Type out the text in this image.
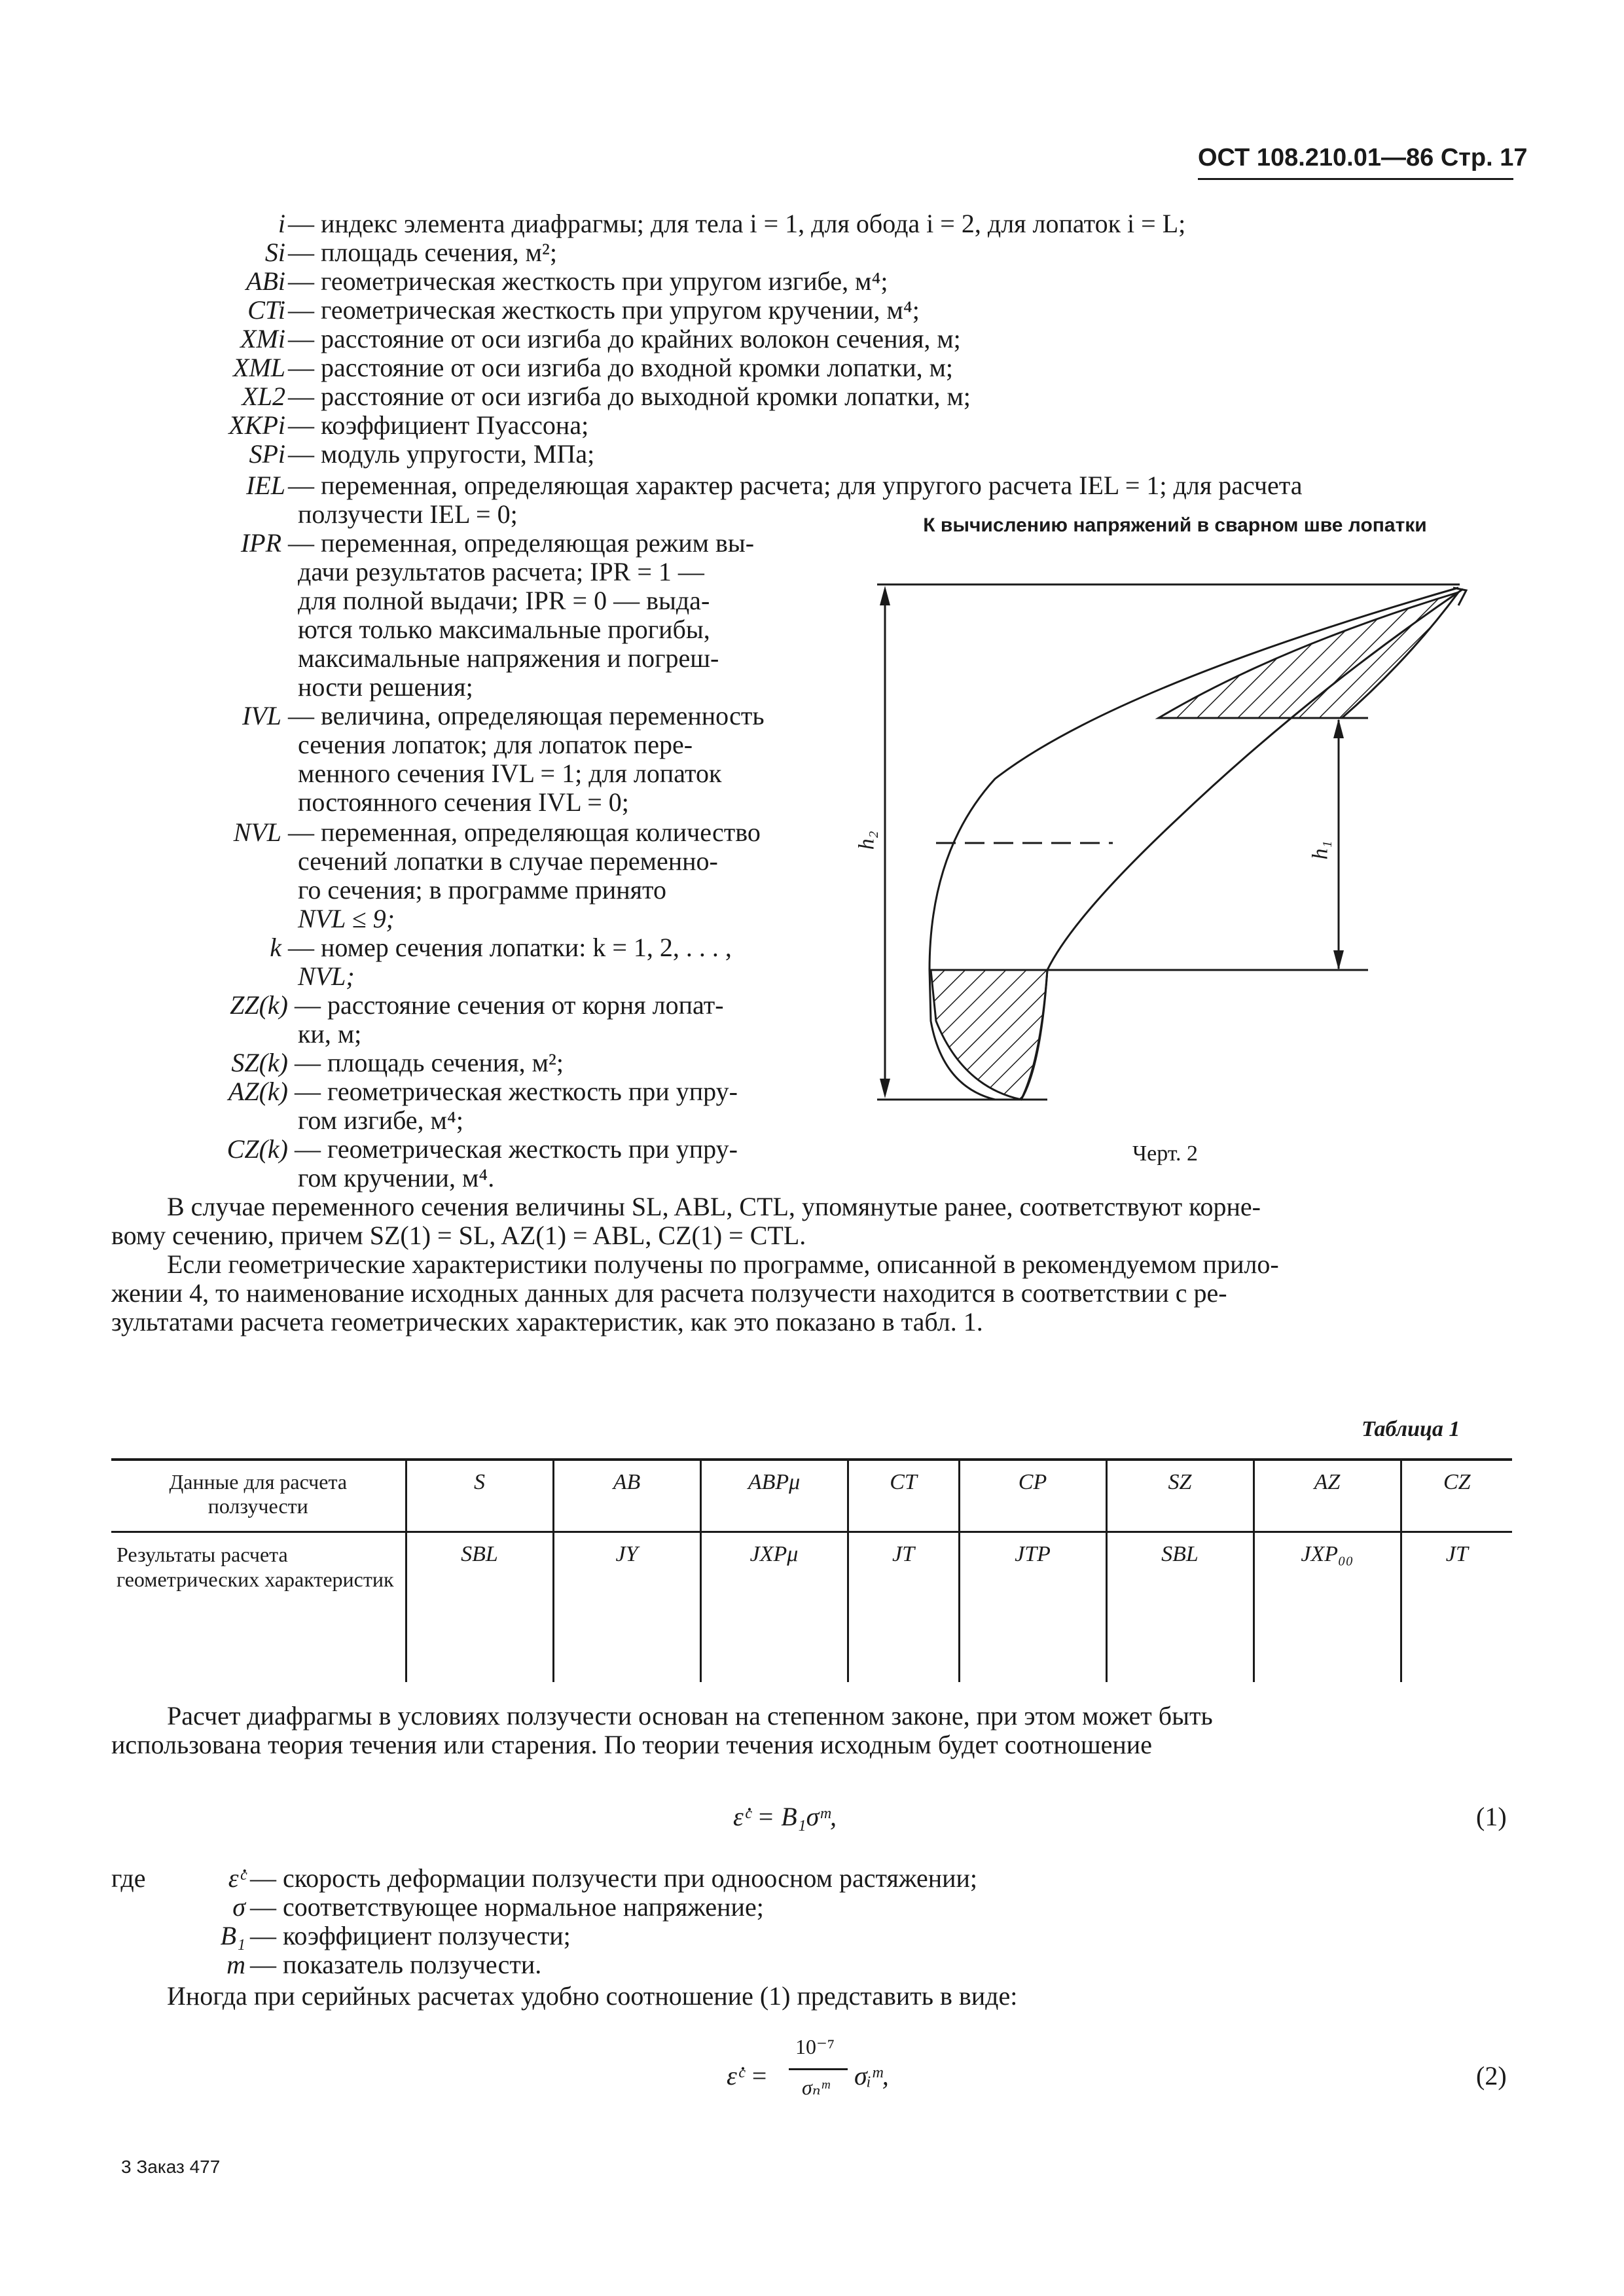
ОСТ 108.210.01—86 Стр. 17
i — индекс элемента диафрагмы; для тела i = 1, для обода i = 2, для лопаток i = L;
Si — площадь сечения, м²;
ABi — геометрическая жесткость при упругом изгибе, м⁴;
CTi — геометрическая жесткость при упругом кручении, м⁴;
XMi — расстояние от оси изгиба до крайних волокон сечения, м;
XML — расстояние от оси изгиба до входной кромки лопатки, м;
XL2 — расстояние от оси изгиба до выходной кромки лопатки, м;
XKPi — коэффициент Пуассона;
SPi — модуль упругости, МПа;
IEL — переменная, определяющая характер расчета; для упругого расчета IEL = 1; для расчета
ползучести IEL = 0;
IPR — переменная, определяющая режим вы-
дачи результатов расчета; IPR = 1 —
для полной выдачи; IPR = 0 — выда-
ются только максимальные прогибы,
максимальные напряжения и погреш-
ности решения;
IVL — величина, определяющая переменность
сечения лопаток; для лопаток пере-
менного сечения IVL = 1; для лопаток
постоянного сечения IVL = 0;
NVL — переменная, определяющая количество
сечений лопатки в случае переменно-
го сечения; в программе принято
NVL ≤ 9;
k — номер сечения лопатки: k = 1, 2, . . . ,
NVL;
ZZ(k) — расстояние сечения от корня лопат-
ки, м;
SZ(k) — площадь сечения, м²;
AZ(k) — геометрическая жесткость при упру-
гом изгибе, м⁴;
CZ(k) — геометрическая жесткость при упру-
гом кручении, м⁴.
К вычислению напряжений в сварном шве лопатки
h₂
h₁
Черт. 2
В случае переменного сечения величины SL, ABL, CTL, упомянутые ранее, соответствуют корне-
вому сечению, причем SZ(1) = SL, AZ(1) = ABL, CZ(1) = CTL.
Если геометрические характеристики получены по программе, описанной в рекомендуемом прило-
жении 4, то наименование исходных данных для расчета ползучести находится в соответствии с ре-
зультатами расчета геометрических характеристик, как это показано в табл. 1.
Таблица 1
Данные для расчета ползучести	S	AB	ABPμ	CT	CP	SZ	AZ	CZ
Результаты расчета геометрических характеристик	SBL	JY	JXPμ	JT	JTP	SBL	JXP₀₀	JT
Расчет диафрагмы в условиях ползучести основан на степенном законе, при этом может быть
использована теория течения или старения. По теории течения исходным будет соотношение
ε̇ᶜ = B₁σᵐ,	(1)
где	ε̇ᶜ — скорость деформации ползучести при одноосном растяжении;
σ — соответствующее нормальное напряжение;
B₁ — коэффициент ползучести;
m — показатель ползучести.
Иногда при серийных расчетах удобно соотношение (1) представить в виде:
ε̇ᶜ =
10⁻⁷
σₙᵐ σᵢᵐ,	(2)
3 Заказ 477
